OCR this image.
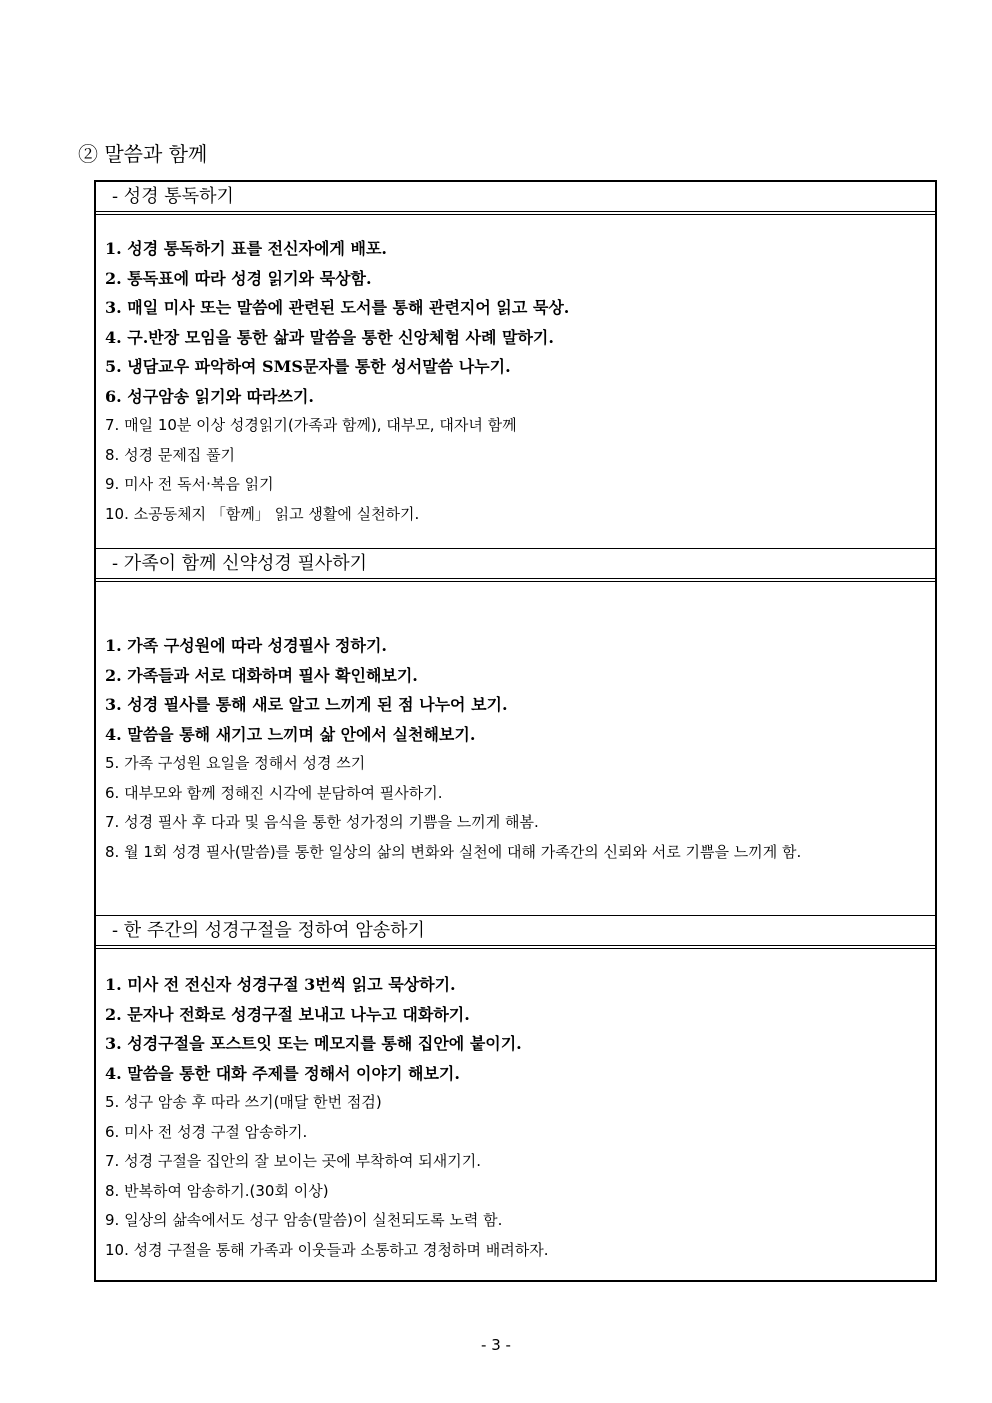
② 말씀과 함께
- 성경 통독하기
1. 성경 통독하기 표를 전신자에게 배포.
2. 통독표에 따라 성경 읽기와 묵상함.
3. 매일 미사 또는 말씀에 관련된 도서를 통해 관련지어 읽고 묵상.
4. 구.반장 모임을 통한 삶과 말씀을 통한 신앙체험 사례 말하기.
5. 냉담교우 파악하여 SMS문자를 통한 성서말씀 나누기.
6. 성구암송 읽기와 따라쓰기.
7. 매일 10분 이상 성경읽기(가족과 함께), 대부모, 대자녀 함께
8. 성경 문제집 풀기
9. 미사 전 독서·복음 읽기
10. 소공동체지 「함께」 읽고 생활에 실천하기.
- 가족이 함께 신약성경 필사하기
1. 가족 구성원에 따라 성경필사 정하기.
2. 가족들과 서로 대화하며 필사 확인해보기.
3. 성경 필사를 통해 새로 알고 느끼게 된 점 나누어 보기.
4. 말씀을 통해 새기고 느끼며 삶 안에서 실천해보기.
5. 가족 구성원 요일을 정해서 성경 쓰기
6. 대부모와 함께 정해진 시각에 분담하여 필사하기.
7. 성경 필사 후 다과 및 음식을 통한 성가정의 기쁨을 느끼게 해봄.
8. 월 1회 성경 필사(말씀)를 통한 일상의 삶의 변화와 실천에 대해 가족간의 신뢰와 서로 기쁨을 느끼게 함.
- 한 주간의 성경구절을 정하여 암송하기
1. 미사 전 전신자 성경구절 3번씩 읽고 묵상하기.
2. 문자나 전화로 성경구절 보내고 나누고 대화하기.
3. 성경구절을 포스트잇 또는 메모지를 통해 집안에 붙이기.
4. 말씀을 통한 대화 주제를 정해서 이야기 해보기.
5. 성구 암송 후 따라 쓰기(매달 한번 점검)
6. 미사 전 성경 구절 암송하기.
7. 성경 구절을 집안의 잘 보이는 곳에 부착하여 되새기기.
8. 반복하여 암송하기.(30회 이상)
9. 일상의 삶속에서도 성구 암송(말씀)이 실천되도록 노력 함.
10. 성경 구절을 통해 가족과 이웃들과 소통하고 경청하며 배려하자.
- 3 -
